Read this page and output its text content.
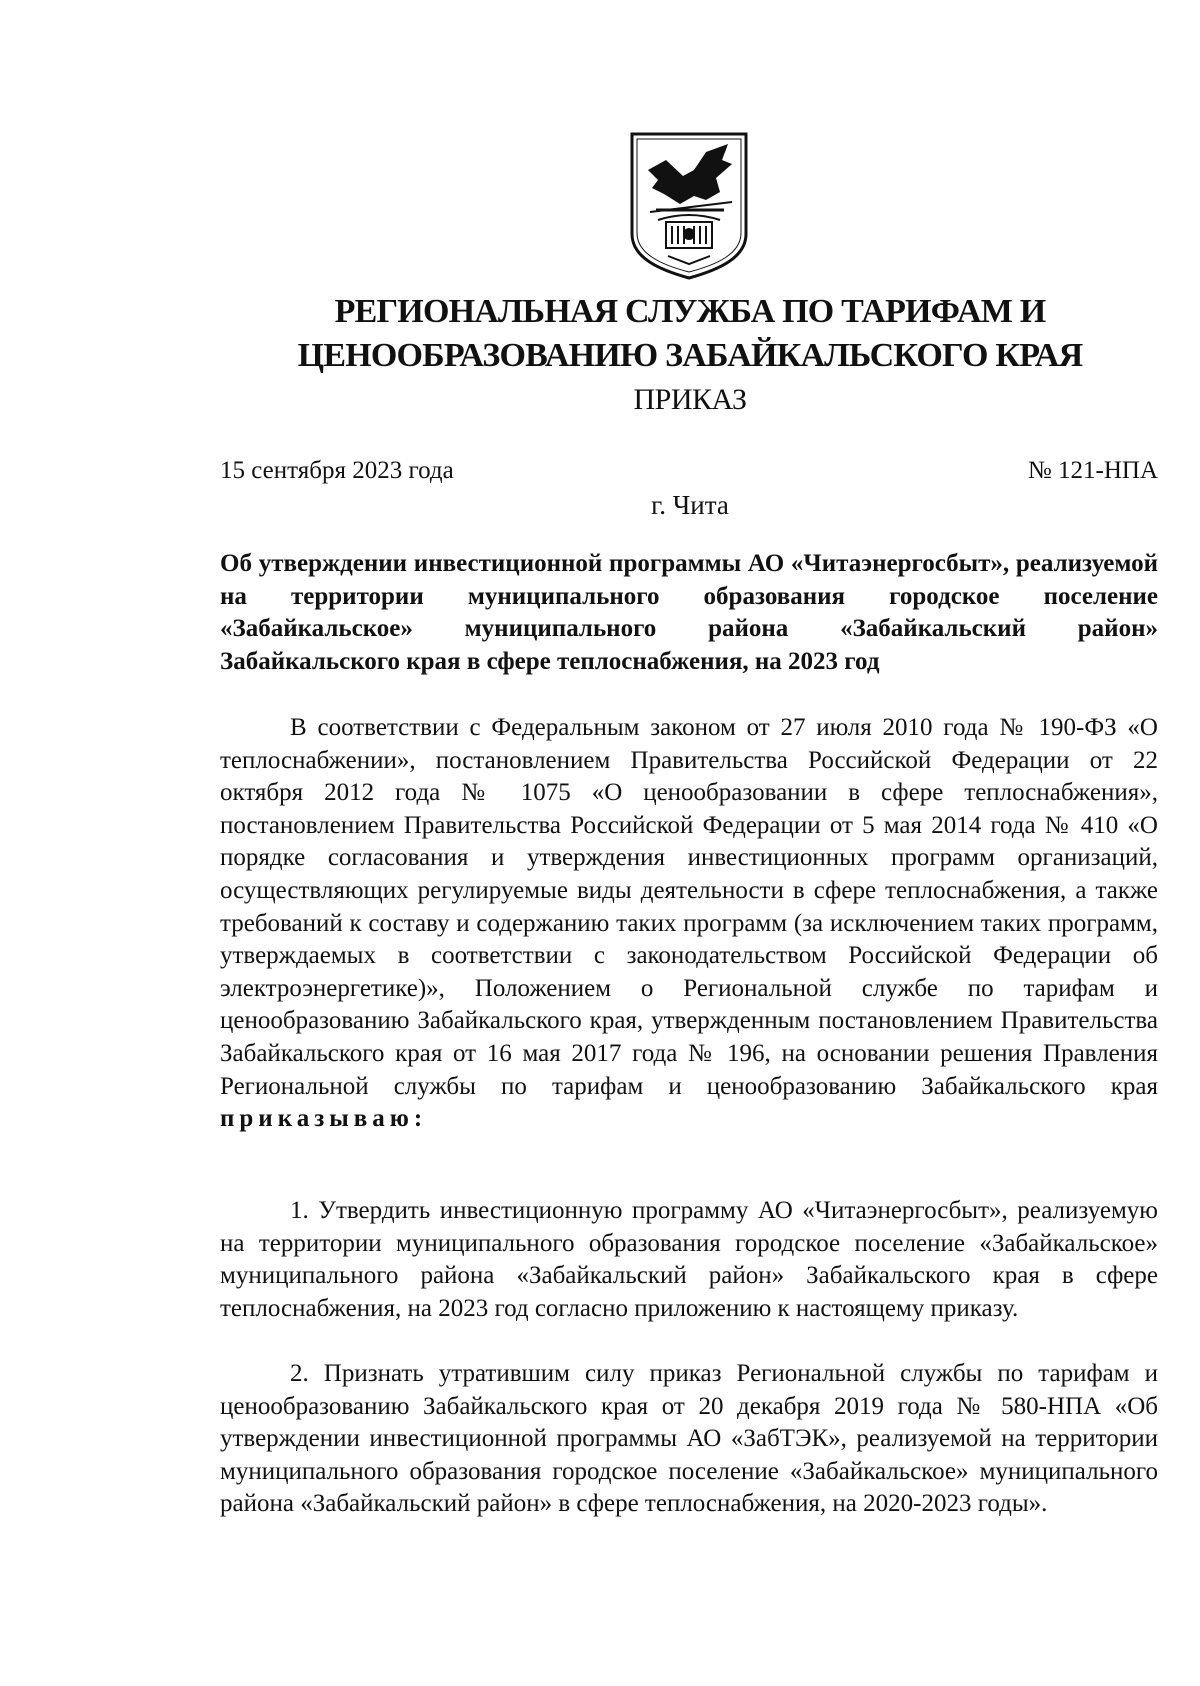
РЕГИОНАЛЬНАЯ СЛУЖБА ПО ТАРИФАМ И
ЦЕНООБРАЗОВАНИЮ ЗАБАЙКАЛЬСКОГО КРАЯ
ПРИКАЗ
15 сентября 2023 года	№ 121-НПА
г. Чита
Об утверждении инвестиционной программы АО «Читаэнергосбыт», реализуемой на территории муниципального образования городское поселение «Забайкальское» муниципального района «Забайкальский район» Забайкальского края в сфере теплоснабжения, на 2023 год
В соответствии с Федеральным законом от 27 июля 2010 года № 190-ФЗ «О теплоснабжении», постановлением Правительства Российской Федерации от 22 октября 2012 года № 1075 «О ценообразовании в сфере теплоснабжения», постановлением Правительства Российской Федерации от 5 мая 2014 года № 410 «О порядке согласования и утверждения инвестиционных программ организаций, осуществляющих регулируемые виды деятельности в сфере теплоснабжения, а также требований к составу и содержанию таких программ (за исключением таких программ, утверждаемых в соответствии с законодательством Российской Федерации об электроэнергетике)», Положением о Региональной службе по тарифам и ценообразованию Забайкальского края, утвержденным постановлением Правительства Забайкальского края от 16 мая 2017 года № 196, на основании решения Правления Региональной службы по тарифам и ценообразованию Забайкальского края приказываю:
1. Утвердить инвестиционную программу АО «Читаэнергосбыт», реализуемую на территории муниципального образования городское поселение «Забайкальское» муниципального района «Забайкальский район» Забайкальского края в сфере теплоснабжения, на 2023 год согласно приложению к настоящему приказу.
2. Признать утратившим силу приказ Региональной службы по тарифам и ценообразованию Забайкальского края от 20 декабря 2019 года № 580-НПА «Об утверждении инвестиционной программы АО «ЗабТЭК», реализуемой на территории муниципального образования городское поселение «Забайкальское» муниципального района «Забайкальский район» в сфере теплоснабжения, на 2020-2023 годы».
